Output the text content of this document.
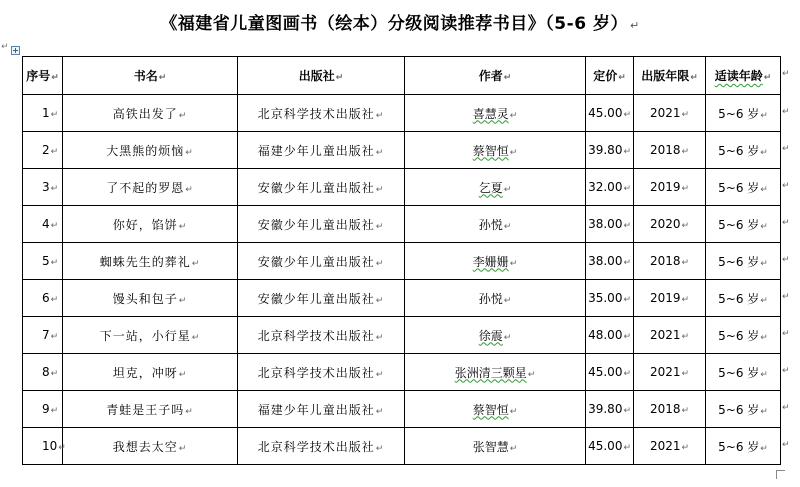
《福建省儿童图画书（绘本）分级阅读推荐书目》（5-6 岁） ↵
↵
序号↵	书名↵	出版社↵	作者↵	定价↵	出版年限↵	适读年龄↵
1↵	高铁出发了↵	北京科学技术出版社↵	喜慧灵↵	45.00↵	2021↵	5~6 岁↵
2↵	大黑熊的烦恼↵	福建少年儿童出版社↵	蔡智恒↵	39.80↵	2018↵	5~6 岁↵
3↵	了不起的罗恩↵	安徽少年儿童出版社↵	乞夏↵	32.00↵	2019↵	5~6 岁↵
4↵	你好，馅饼↵	安徽少年儿童出版社↵	孙悦↵	38.00↵	2020↵	5~6 岁↵
5↵	蜘蛛先生的葬礼↵	安徽少年儿童出版社↵	李姗姗↵	38.00↵	2018↵	5~6 岁↵
6↵	馒头和包子↵	安徽少年儿童出版社↵	孙悦↵	35.00↵	2019↵	5~6 岁↵
7↵	下一站，小行星↵	北京科学技术出版社↵	徐震↵	48.00↵	2021↵	5~6 岁↵
8↵	坦克，冲呀↵	北京科学技术出版社↵	张洲清三颗星↵	45.00↵	2021↵	5~6 岁↵
9↵	青蛙是王子吗↵	福建少年儿童出版社↵	蔡智恒↵	39.80↵	2018↵	5~6 岁↵
10↵	我想去太空↵	北京科学技术出版社↵	张智慧↵	45.00↵	2021↵	5~6 岁↵
↵
↵
↵
↵
↵
↵
↵
↵
↵
↵
↵
